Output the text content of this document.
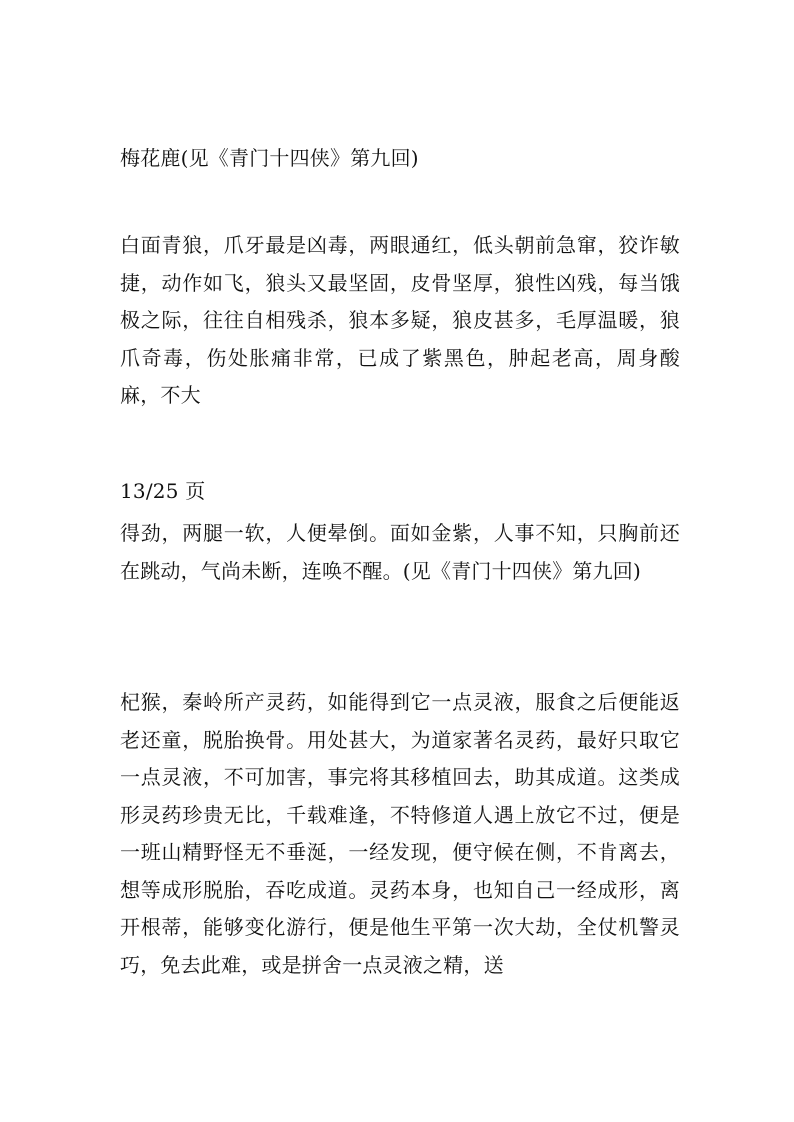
梅花鹿(见《青门十四侠》第九回)

白面青狼，爪牙最是凶毒，两眼通红，低头朝前急窜，狡诈敏捷，动作如飞，狼头又最坚固，皮骨坚厚，狼性凶残，每当饿极之际，往往自相残杀，狼本多疑，狼皮甚多，毛厚温暖，狼爪奇毒，伤处胀痛非常，已成了紫黑色，肿起老高，周身酸麻，不大

13/25 页

得劲，两腿一软，人便晕倒。面如金紫，人事不知，只胸前还在跳动，气尚未断，连唤不醒。(见《青门十四侠》第九回)

杞猴，秦岭所产灵药，如能得到它一点灵液，服食之后便能返老还童，脱胎换骨。用处甚大，为道家著名灵药，最好只取它一点灵液，不可加害，事完将其移植回去，助其成道。这类成形灵药珍贵无比，千载难逢，不特修道人遇上放它不过，便是一班山精野怪无不垂涎，一经发现，便守候在侧，不肯离去，想等成形脱胎，吞吃成道。灵药本身，也知自己一经成形，离开根蒂，能够变化游行，便是他生平第一次大劫，全仗机警灵巧，免去此难，或是拼舍一点灵液之精，送
